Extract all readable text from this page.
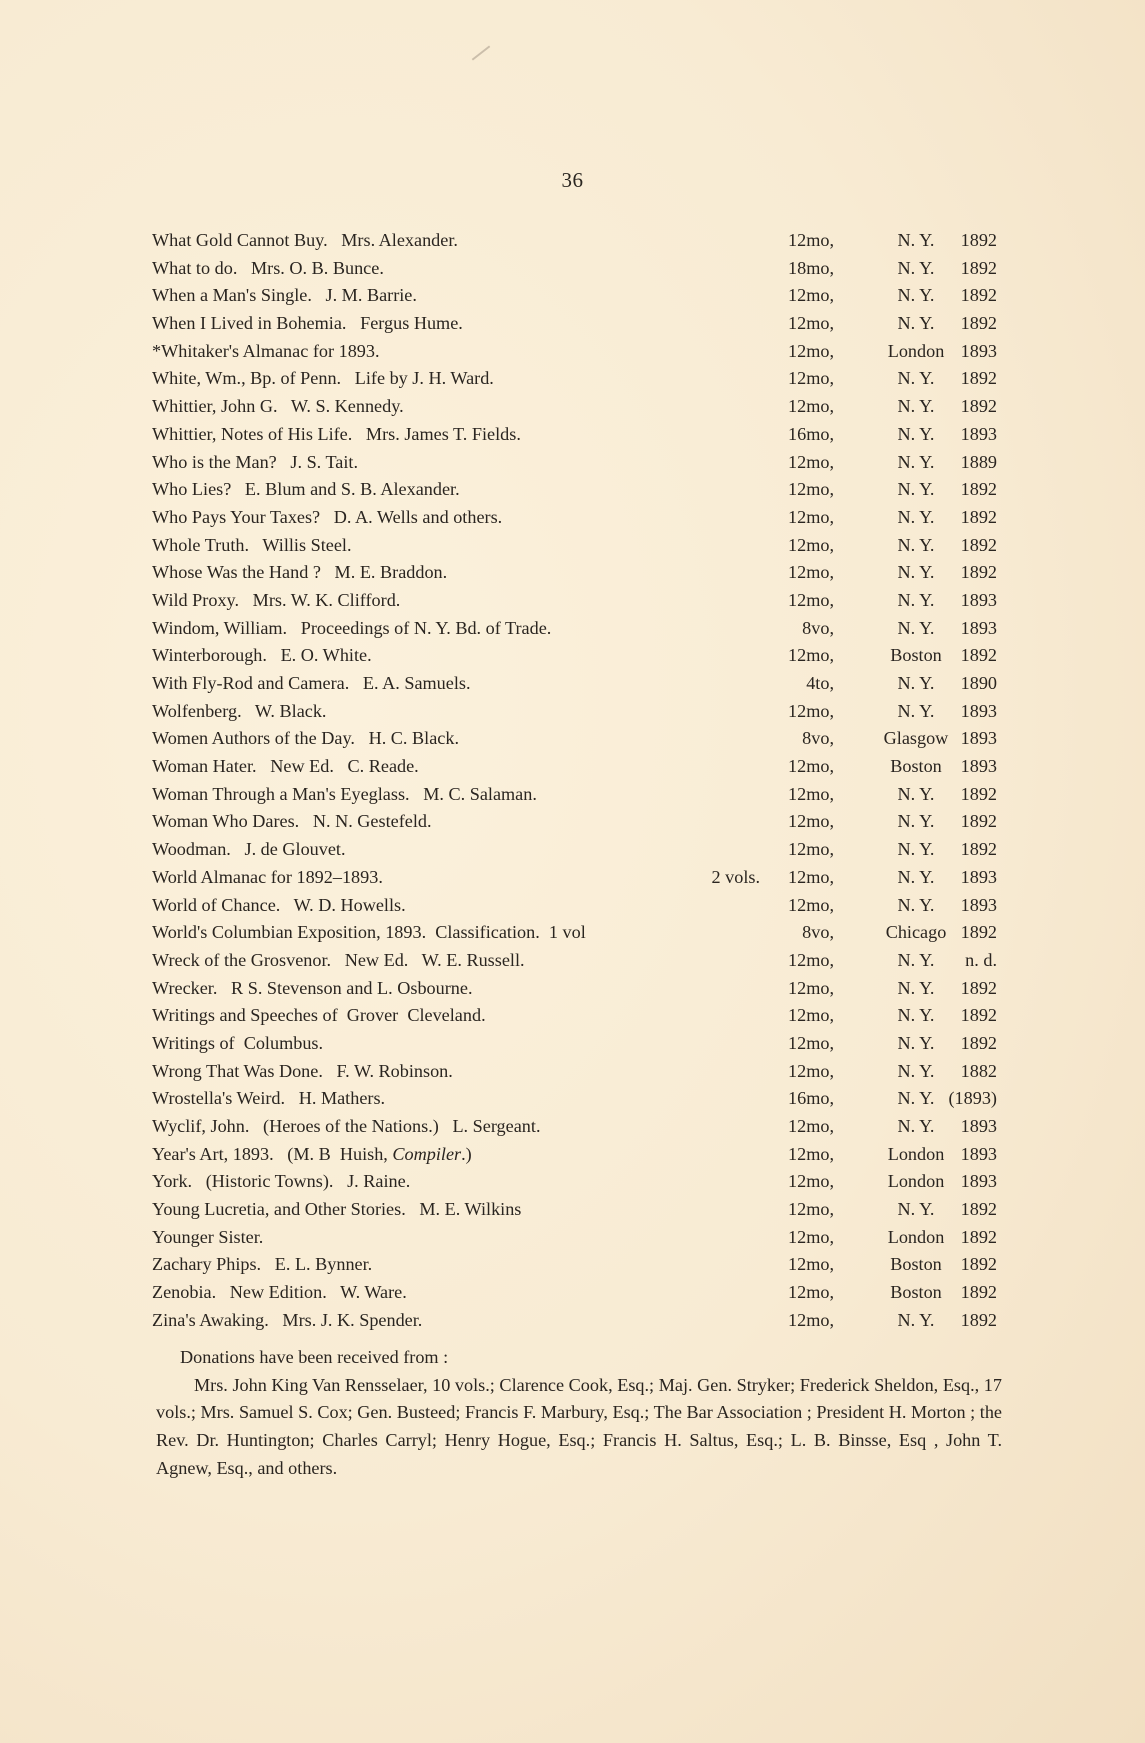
36
What Gold Cannot Buy.   Mrs. Alexander.	12mo,	N. Y.	1892
What to do.   Mrs. O. B. Bunce.	18mo,	N. Y.	1892
When a Man's Single.   J. M. Barrie.	12mo,	N. Y.	1892
When I Lived in Bohemia.   Fergus Hume.	12mo,	N. Y.	1892
*Whitaker's Almanac for 1893.	12mo,	London 1893
White, Wm., Bp. of Penn.   Life by J. H. Ward.	12mo,	N. Y.	1892
Whittier, John G.   W. S. Kennedy.	12mo,	N. Y.	1892
Whittier, Notes of His Life.   Mrs. James T. Fields.	16mo,	N. Y.	1893
Who is the Man?   J. S. Tait.	12mo,	N. Y.	1889
Who Lies?   E. Blum and S. B. Alexander.	12mo,	N. Y.	1892
Who Pays Your Taxes?   D. A. Wells and others.	12mo,	N. Y.	1892
Whole Truth.   Willis Steel.	12mo,	N. Y.	1892
Whose Was the Hand ?   M. E. Braddon.	12mo,	N. Y.	1892
Wild Proxy.   Mrs. W. K. Clifford.	12mo,	N. Y.	1893
Windom, William.   Proceedings of N. Y. Bd. of Trade.	8vo,	N. Y.	1893
Winterborough.   E. O. White.	12mo,	Boston	1892
With Fly-Rod and Camera.   E. A. Samuels.	4to,	N. Y.	1890
Wolfenberg.   W. Black.	12mo,	N. Y.	1893
Women Authors of the Day.   H. C. Black.	8vo,	Glasgow 1893
Woman Hater.   New Ed.   C. Reade.	12mo,	Boston	1893
Woman Through a Man's Eyeglass.   M. C. Salaman.	12mo,	N. Y.	1892
Woman Who Dares.   N. N. Gestefeld.	12mo,	N. Y.	1892
Woodman.   J. de Glouvet.	12mo,	N. Y.	1892
World Almanac for 1892–1893.	2 vols. 12mo,	N. Y.	1893
World of Chance.   W. D. Howells.	12mo,	N. Y.	1893
World's Columbian Exposition, 1893.  Classification.  1 vol	8vo,	Chicago 1892
Wreck of the Grosvenor.   New Ed.   W. E. Russell.	12mo,	N. Y.	n. d.
Wrecker.   R S. Stevenson and L. Osbourne.	12mo,	N. Y.	1892
Writings and Speeches of  Grover  Cleveland.	12mo,	N. Y.	1892
Writings of  Columbus.	12mo,	N. Y.	1892
Wrong That Was Done.   F. W. Robinson.	12mo,	N. Y.	1882
Wrostella's Weird.   H. Mathers.	16mo,	N. Y. (1893)
Wyclif, John.   (Heroes of the Nations.)   L. Sergeant.	12mo,	N. Y.	1893
Year's Art, 1893.   (M. B  Huish, Compiler.)	12mo,	London 1893
York.   (Historic Towns).   J. Raine.	12mo,	London 1893
Young Lucretia, and Other Stories.   M. E. Wilkins	12mo,	N. Y.	1892
Younger Sister.	12mo,	London 1892
Zachary Phips.   E. L. Bynner.	12mo,	Boston	1892
Zenobia.   New Edition.   W. Ware.	12mo,	Boston	1892
Zina's Awaking.   Mrs. J. K. Spender.	12mo,	N. Y.	1892
Donations have been received from :
Mrs. John King Van Rensselaer, 10 vols.; Clarence Cook, Esq.; Maj. Gen. Stryker; Frederick Sheldon, Esq., 17 vols.; Mrs. Samuel S. Cox; Gen. Busteed; Francis F. Marbury, Esq.; The Bar Association ; President H. Morton ; the Rev. Dr. Huntington; Charles Carryl; Henry Hogue, Esq.; Francis H. Saltus, Esq.; L. B. Binsse, Esq , John T. Agnew, Esq., and others.
